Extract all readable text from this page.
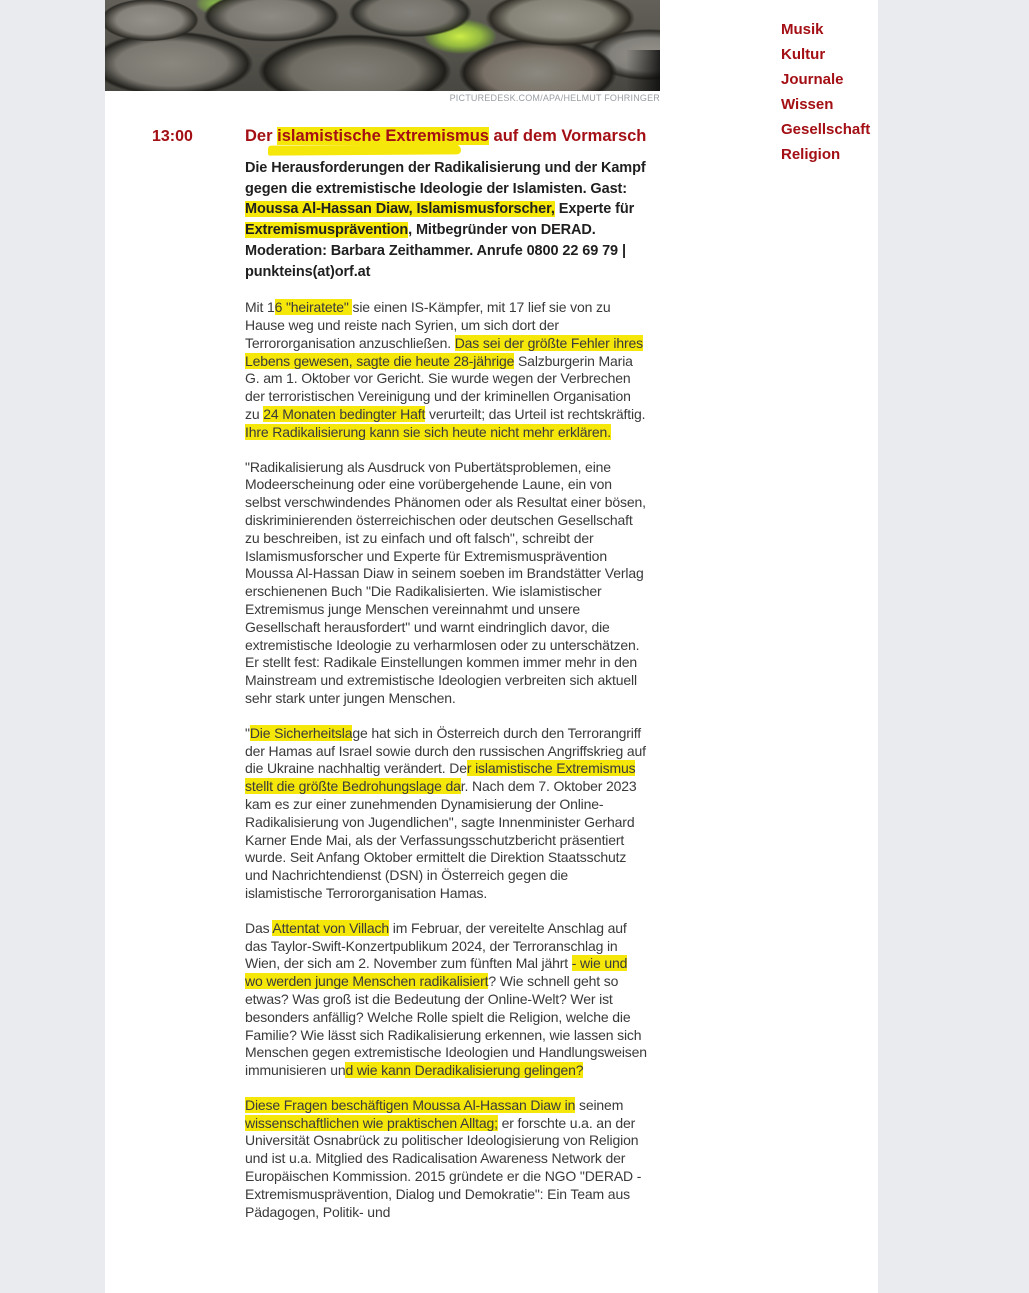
PICTUREDESK.COM/APA/HELMUT FOHRINGER
13:00	Der islamistische Extremismus auf dem Vormarsch

Die Herausforderungen der Radikalisierung und der Kampf gegen die extremistische Ideologie der Islamisten. Gast: Moussa Al-Hassan Diaw, Islamismusforscher, Experte für Extremismusprävention, Mitbegründer von DERAD. Moderation: Barbara Zeithammer. Anrufe 0800 22 69 79 | punkteins(at)orf.at

Mit 16 "heiratete" sie einen IS-Kämpfer, mit 17 lief sie von zu Hause weg und reiste nach Syrien, um sich dort der Terrororganisation anzuschließen. Das sei der größte Fehler ihres Lebens gewesen, sagte die heute 28-jährige Salzburgerin Maria G. am 1. Oktober vor Gericht. Sie wurde wegen der Verbrechen der terroristischen Vereinigung und der kriminellen Organisation zu 24 Monaten bedingter Haft verurteilt; das Urteil ist rechtskräftig. Ihre Radikalisierung kann sie sich heute nicht mehr erklären.

"Radikalisierung als Ausdruck von Pubertätsproblemen, eine Modeerscheinung oder eine vorübergehende Laune, ein von selbst verschwindendes Phänomen oder als Resultat einer bösen, diskriminierenden österreichischen oder deutschen Gesellschaft zu beschreiben, ist zu einfach und oft falsch", schreibt der Islamismusforscher und Experte für Extremismusprävention Moussa Al-Hassan Diaw in seinem soeben im Brandstätter Verlag erschienenen Buch "Die Radikalisierten. Wie islamistischer Extremismus junge Menschen vereinnahmt und unsere Gesellschaft herausfordert" und warnt eindringlich davor, die extremistische Ideologie zu verharmlosen oder zu unterschätzen. Er stellt fest: Radikale Einstellungen kommen immer mehr in den Mainstream und extremistische Ideologien verbreiten sich aktuell sehr stark unter jungen Menschen.

"Die Sicherheitslage hat sich in Österreich durch den Terrorangriff der Hamas auf Israel sowie durch den russischen Angriffskrieg auf die Ukraine nachhaltig verändert. Der islamistische Extremismus stellt die größte Bedrohungslage dar. Nach dem 7. Oktober 2023 kam es zur einer zunehmenden Dynamisierung der Online-Radikalisierung von Jugendlichen", sagte Innenminister Gerhard Karner Ende Mai, als der Verfassungsschutzbericht präsentiert wurde. Seit Anfang Oktober ermittelt die Direktion Staatsschutz und Nachrichtendienst (DSN) in Österreich gegen die islamistische Terrororganisation Hamas.

Das Attentat von Villach im Februar, der vereitelte Anschlag auf das Taylor-Swift-Konzertpublikum 2024, der Terroranschlag in Wien, der sich am 2. November zum fünften Mal jährt - wie und wo werden junge Menschen radikalisiert? Wie schnell geht so etwas? Was groß ist die Bedeutung der Online-Welt? Wer ist besonders anfällig? Welche Rolle spielt die Religion, welche die Familie? Wie lässt sich Radikalisierung erkennen, wie lassen sich Menschen gegen extremistische Ideologien und Handlungsweisen immunisieren und wie kann Deradikalisierung gelingen?

Diese Fragen beschäftigen Moussa Al-Hassan Diaw in seinem wissenschaftlichen wie praktischen Alltag; er forschte u.a. an der Universität Osnabrück zu politischer Ideologisierung von Religion und ist u.a. Mitglied des Radicalisation Awareness Network der Europäischen Kommission. 2015 gründete er die NGO "DERAD - Extremismusprävention, Dialog und Demokratie": Ein Team aus Pädagogen, Politik- und

Musik
Kultur
Journale
Wissen
Gesellschaft
Religion
